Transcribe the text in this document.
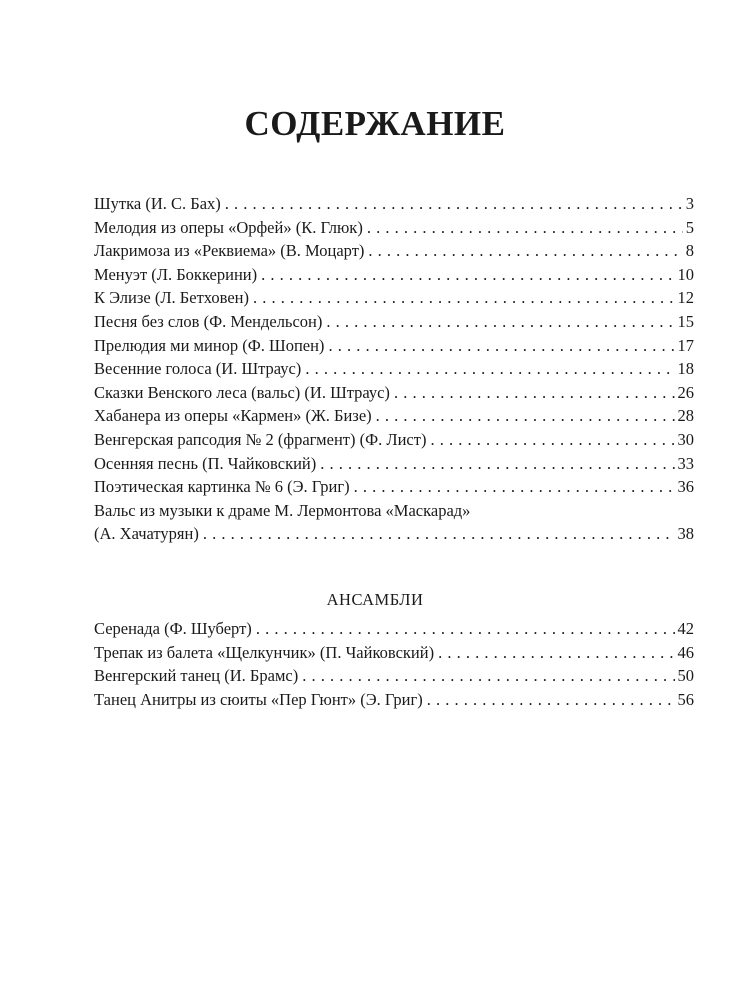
СОДЕРЖАНИЕ
Шутка (И. С. Бах) . . .	3
Мелодия из оперы «Орфей» (К. Глюк) . . .	5
Лакримоза из «Реквиема» (В. Моцарт) . . .	8
Менуэт (Л. Боккерини) . . .	10
К Элизе (Л. Бетховен) . . .	12
Песня без слов (Ф. Мендельсон) . . .	15
Прелюдия ми минор (Ф. Шопен) . . .	17
Весенние голоса (И. Штраус) . . .	18
Сказки Венского леса (вальс) (И. Штраус) . . .	26
Хабанера из оперы «Кармен» (Ж. Бизе) . . .	28
Венгерская рапсодия № 2 (фрагмент) (Ф. Лист) . . .	30
Осенняя песнь (П. Чайковский) . . .	33
Поэтическая картинка № 6 (Э. Григ) . . .	36
Вальс из музыки к драме М. Лермонтова «Маскарад»
(А. Хачатурян) . . .	38
АНСАМБЛИ
Серенада (Ф. Шуберт) . . .	42
Трепак из балета «Щелкунчик» (П. Чайковский) . . .	46
Венгерский танец (И. Брамс) . . .	50
Танец Анитры из сюиты «Пер Гюнт» (Э. Григ) . . .	56
